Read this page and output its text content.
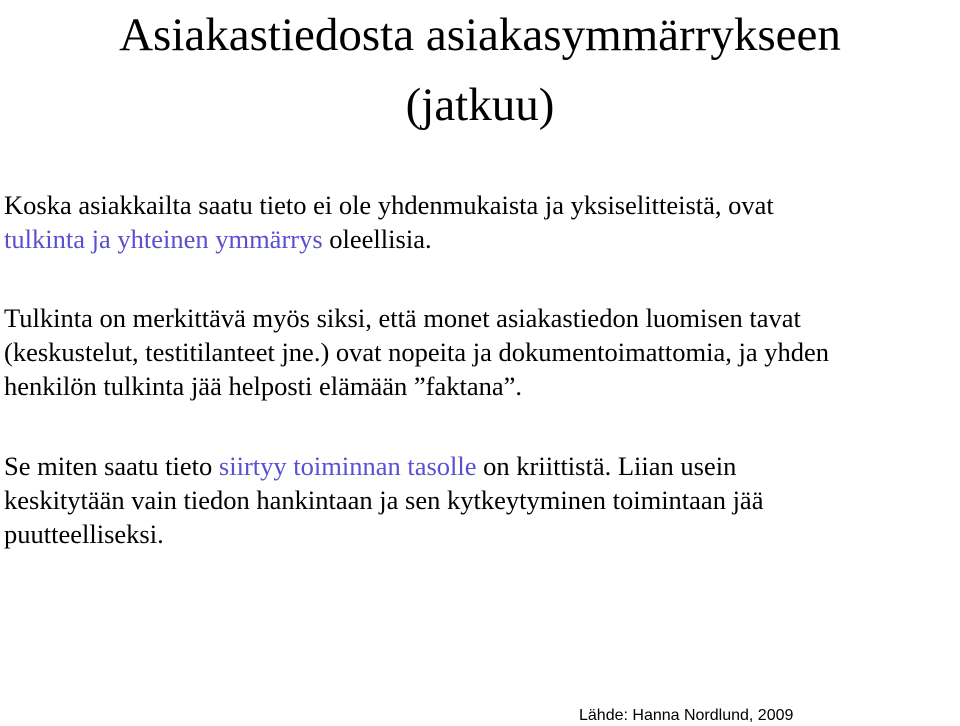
Asiakastiedosta asiakasymmärrykseen
(jatkuu)

Koska asiakkailta saatu tieto ei ole yhdenmukaista ja yksiselitteistä, ovat
tulkinta ja yhteinen ymmärrys oleellisia.

Tulkinta on merkittävä myös siksi, että monet asiakastiedon luomisen tavat
(keskustelut, testitilanteet jne.) ovat nopeita ja dokumentoimattomia, ja yhden
henkilön tulkinta jää helposti elämään ”faktana”.

Se miten saatu tieto siirtyy toiminnan tasolle on kriittistä. Liian usein
keskitytään vain tiedon hankintaan ja sen kytkeytyminen toimintaan jää
puutteelliseksi.

Lähde: Hanna Nordlund, 2009
